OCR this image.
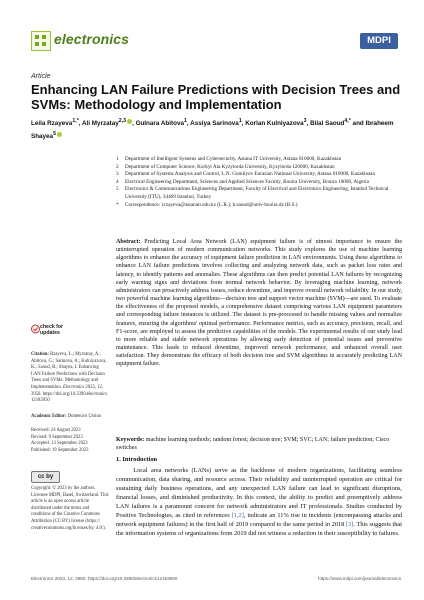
electronics	MDPI
Article
Enhancing LAN Failure Predictions with Decision Trees and SVMs: Methodology and Implementation
Leila Rzayeva$^{1,*}$, Ali Myrzatay$^{2,3}$ , Gulnara Abitova$^1$, Assiya Sarinova$^1$, Korlan Kulniyazova$^3$, Bilal Saoud$^{4,*}$ and Ibraheem Shayea$^5$
1	Department of Intelligent Systems and Cybersecurity, Astana IT University, Astana 010000, Kazakhstan
2	Department of Computer Science, Korkyt Ata Kyzylorda University, Kyzylorda 120000, Kazakhstan
3	Department of Systems Analysis and Control, L.N. Gumilyov Eurasian National University, Astana 010000, Kazakhstan
4	Electrical Engineering Department, Sciences and Applied Sciences Faculty, Bouira University, Bouira 10000, Algeria
5	Electronics & Communications Engineering Department, Faculty of Electrical and Electronics Engineering, Istanbul Technical University (ITU), 34469 Istanbul, Turkey
*	Correspondence: l.rzayeva@astanait.edu.kz (L.R.); b.saoud@univ-bouira.dz (B.S.)
Abstract: Predicting Local Area Network (LAN) equipment failure is of utmost importance to ensure the uninterrupted operation of modern communication networks. This study explores the use of machine learning algorithms to enhance the accuracy of equipment failure prediction in LAN environments. Using these algorithms to enhance LAN failure predictions involves collecting and analyzing network data, such as packet loss rates and latency, to identify patterns and anomalies. These algorithms can then predict potential LAN failures by recognizing early warning signs and deviations from normal network behavior. By leveraging machine learning, network administrators can proactively address issues, reduce downtime, and improve overall network reliability. In our study, two powerful machine learning algorithms—decision tree and support vector machine (SVM)—are used. To evaluate the effectiveness of the proposed models, a comprehensive dataset comprising various LAN equipment parameters and corresponding failure instances is utilized. The dataset is pre-processed to handle missing values and normalize features, ensuring the algorithms' optimal performance. Performance metrics, such as accuracy, precision, recall, and F1-score, are employed to assess the predictive capabilities of the models. The experimental results of our study lead to more reliable and stable network operations by allowing early detection of potential issues and preventive maintenance. This leads to reduced downtime, improved network performance, and enhanced overall user satisfaction. They demonstrate the efficacy of both decision tree and SVM algorithms in accurately predicting LAN equipment failure.
Keywords: machine learning methods; random forest; decision tree; SVM; SVC; LAN; failure prediction; Cisco switches
check for updates
Citation: Rzayeva, L.; Myrzatay, A.; Abitova, G.; Sarinova, A.; Kulniyazova, K.; Saoud, B.; Shayea, I. Enhancing LAN Failure Predictions with Decision Trees and SVMs: Methodology and Implementation. Electronics 2023, 12, 3950. https://doi.org/10.3390/electronics12183950
Academic Editor: Domenico Ursino
Received: 24 August 2023
Revised: 9 September 2023
Accepted: 13 September 2023
Published: 19 September 2023
cc by
Copyright: © 2023 by the authors. Licensee MDPI, Basel, Switzerland. This article is an open access article distributed under the terms and conditions of the Creative Commons Attribution (CC BY) license (https:// creativecommons.org/licenses/by/ 4.0/).
1. Introduction
Local area networks (LANs) serve as the backbone of modern organizations, facilitating seamless communication, data sharing, and resource access. Their reliability and uninterrupted operation are critical for sustaining daily business operations, and any unexpected LAN failure can lead to significant disruptions, financial losses, and diminished productivity. In this context, the ability to predict and preemptively address LAN failures is a paramount concern for network administrators and IT professionals. Studies conducted by Positive Technologies, as cited in references [1,2], indicate an 11% rise in incidents (encompassing attacks and network equipment failures) in the first half of 2019 compared to the same period in 2018 [3]. This suggests that the information systems of organizations from 2019 did not witness a reduction in their susceptibility to failures.
Electronics 2023, 12, 3950. https://doi.org/10.3390/electronics12183950	https://www.mdpi.com/journal/electronics
